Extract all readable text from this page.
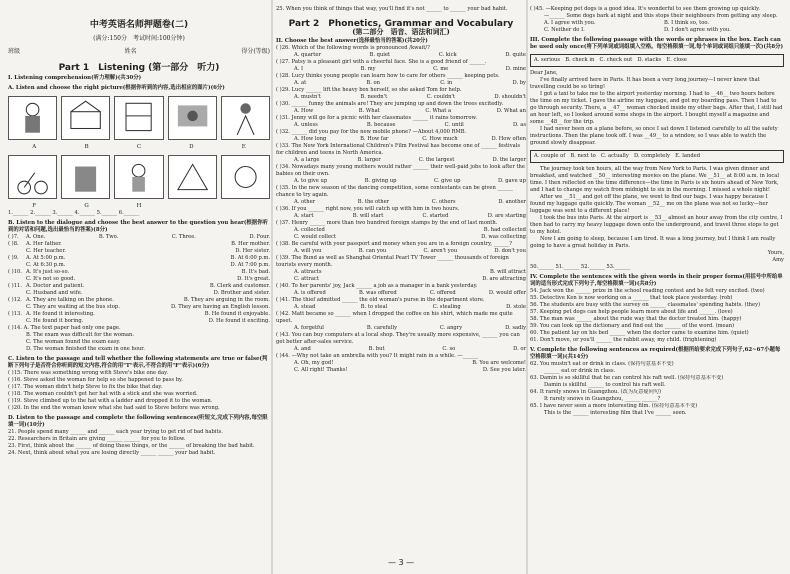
中考英语名师押题卷(二)
(满分:150分　考试时间:100分钟)
班级	姓名	得分(等级)
Part 1　Listening (第一部分　听力)
I. Listening comprehension(听力理解)(共30分)
A. Listen and choose the right picture(根据你听到的内容,选出相应的图片)(6分)
A	B	C	D	E
F	G	H
1.______ 2.______ 3.______ 4.______ 5.______ 6.______
B. Listen to the dialogue and choose the best answer to the question you hear(根据你听到的对话和问题,选出最恰当的答案)(8分)
( )7. A. One.	B. Two.	C. Three.	D. Four.
( )8. A. Her father.	B. Her mother.
C. Her teacher.	D. Her sister.
( )9. A. At 5:00 p.m.	B. At 6:00 p.m.
C. At 6:30 p.m.	D. At 7:00 p.m.
( )10. A. It's just so-so.	B. It's bad.
C. It's not so good.	D. It's great.
( )11. A. Doctor and patient.	B. Clerk and customer.
C. Husband and wife.	D. Brother and sister.
( )12. A. They are talking on the phone.	B. They are arguing in the room.
C. They are waiting at the bus stop.	D. They are having an English lesson.
( )13. A. He found it interesting.	B. He found it enjoyable.
C. He found it boring.	D. He found it exciting.
( )14. A. The text paper had only one page.
B. The exam was difficult for the woman.
C. The woman found the exam easy.
D. The woman finished the exam in one hour.
C. Listen to the passage and tell whether the following statements are true or false(判断下列句子是否符合你听到的短文内容,符合的用"T"表示,不符合的用"F"表示)(6分)
( )15. There was something wrong with Steve's bike one day.
( )16. Steve asked the woman for help so she happened to pass by.
( )17. The woman didn't help Steve to fix the bike that day.
( )18. The woman couldn't get her hat with a stick and she was worried.
( )19. Steve climbed up to the hat with a ladder and dropped it to the woman.
( )20. In the end the woman knew what she had said to Steve before was wrong.
D. Listen to the passage and complete the following sentences(听短文,完成下列内容,每空限填一词)(10分)
21. People spend many ______ and ______ each year trying to get rid of bad habits.
22. Researchers in Britain are giving ______ ______ for you to follow.
23. First, think about the ______ of doing these things, or the ______ of breaking the bad habit.
24. Next, think about what you are losing directly ______ ______ your bad habit.
25. When you think of things that way, you'll find it's not ______ to ______ your bad habit.
Part 2　Phonetics, Grammar and Vocabulary
(第二部分　语音、语法和词汇)
II. Choose the best answer(选择最恰当的答案)(共20分)
( )26. Which of the following words is pronounced /kwait/?
A. quarter	B. quiet	C. kick	D. quite
( )27. Patsy is a pleasant girl with a cheerful face. She is a good friend of ______.
A. I	B. my	C. me	D. mine
( )28. Lucy thinks young people can learn how to care for others ______ keeping pets.
A. at	B. on	C. in	D. by
( )29. Lucy ______ lift the heavy box herself, so she asked Tom for help.
A. mustn't	B. needn't	C. couldn't	D. shouldn't
( )30. ______ funny the animals are! They are jumping up and down the trees excitedly.
A. How	B. What	C. What a	D. What an
( )31. Jenny will go for a picnic with her classmates ______ it rains tomorrow.
A. unless	B. because	C. until	D. as
( )32. ______ did you pay for the new mobile phone? —About 4,000 RMB.
A. How long	B. How far	C. How much	D. How often
( )33. The New York International Children's Film Festival has become one of ______ festivals for children and teens in North America.
A. a large	B. larger	C. the largest	D. the larger
( )34. Nowadays many young mothers would rather ______ their well-paid jobs to look after the babies on their own.
A. to give up	B. giving up	C. give up	D. gave up
( )35. In the new season of the dancing competition, some contestants can be given ______ chance to try again.
A. other	B. the other	C. others	D. another
( )36. If you ______ right now, you will catch up with him in two hours.
A. start	B. will start	C. started	D. are starting
( )37. Henry ______ more than two hundred foreign stamps by the end of last month.
A. collected	B. had collected
C. would collect	D. was collecting
( )38. Be careful with your passport and money when you are in a foreign country, ______?
A. will you	B. can you	C. aren't you	D. don't you
( )39. The Bund as well as Shanghai Oriental Pearl TV Tower ______ thousands of foreign tourists every month.
A. attracts	B. will attract
C. attract	D. are attracting
( )40. To her parents' joy, Jack ______ a job as a manager in a bank yesterday.
A. is offered	B. was offered	C. offered	D. would offer
( )41. The thief admitted ______ the old woman's purse in the department store.
A. stead	B. to steal	C. stealing	D. stole
( )42. Matt became so ______ when I dropped the coffee on his shirt, which made me quite upset.
A. forgetful	B. carefully	C. angry	D. sadly
( )43. You can buy computers at a local shop. They're usually more expensive, ______ you can get better after-sales service.
A. and	B. but	C. so	D. or
( )44. —Why not take an umbrella with you? It might rain in a while. —______
A. Oh, my god!	B. You are welcome!
C. All right! Thanks!	D. See you later.
( )45. —Keeping pet dogs is a good idea. It's wonderful to see them growing up quickly.
—______ Some dogs bark at night and this stops their neighbours from getting any sleep.
A. I agree with you.	B. I think so, too.
C. Neither do I.	D. I don't agree with you.
III. Complete the following passage with the words or phrases in the box. Each can be used only once(将下列单词或词组填入空格。每空格限填一词,每个单词或词组只能填一次)(共8分)
A. serious　B. check in　C. check out　D. stacks　E. close
Dear Jane,
I've finally arrived here in Paris. It has been a very long journey—I never knew that travelling could be so tiring!
I got a taxi to take me to the airport yesterday morning. I had to __46__ two hours before the time on my ticket. I gave the airline my luggage, and got my boarding pass. Then I had to go through security. There, a __47__ woman checked inside my other bags. After that, I still had an hour left, so I looked around some shops in the airport. I bought myself a magazine and some __48__ for the trip.
I had never been on a plane before, so once I sat down I listened carefully to all the safety instructions. Then the plane took off. I was __49__ to a window, so I was able to watch the ground slowly disappear.
A. couple of　B. next to　C. actually　D. completely　E. landed
The journey took ten hours, all the way from New York to Paris. I was given dinner and breakfast, and watched __50__ interesting movies on the plane. We __51__ at 8:00 a.m. in local time. I then reflected on the time difference—the time in Paris is six hours ahead of New York, and I had to change my watch from midnight to six in the morning. I missed a whole night!
After we __51__ and got off the plane, we went to find our bags. I was happy because I found my luggage quite quickly. The woman __52__ me on the plane was not so lucky—her luggage was sent to a different place!
I took the bus into Paris. At the airport is __53__ almost an hour away from the city centre, I then had to carry my heavy luggage down onto the underground, and travel three stops to get to my hotel.
Now I am going to sleep, because I am tired. It was a long journey, but I think I am really going to have a great holiday in Paris.
Yours,
Amy
50.______ 51.______ 52.______ 53.______
IV. Complete the sentences with the given words in their proper forms(用括号中所给单词的适当形式完成下列句子,每空格限填一词)(共8分)
54. Jack won the ______ prize in the school reading contest and he felt very excited. (two)
55. Detective Ken is now working on a ______ that took place yesterday. (rob)
56. The students are busy with the survey on ______ classmates' spending habits. (they)
57. Keeping pet dogs can help people learn more about life and ______. (love)
58. The man was ______ about the rude way that the doctor treated him. (happy)
59. You can look up the dictionary and find out the ______ of the word. (mean)
60. The patient lay on his bed ______ when the doctor came to examine him. (quiet)
61. Don't move, or you'll ______ the rabbit away, my child. (frightening)
V. Complete the following sentences as required(根据所给要求完成下列句子,62~67小题每空格限填一词)(共14分)
62. You mustn't eat or drink in class. (保持句意基本不变)
______ eat or drink in class.
63. Damin is so skillful that he can control his raft well. (保持句意基本不变)
Damin is skillful ______ to control his raft well.
64. It rarely snows in Guangzhou. (改为反意疑问句)
It rarely snows in Guangzhou, ______ ______?
65. I have never seen a more interesting film. (保持句意基本不变)
This is the ______ interesting film that I've ______ seen.
— 3 —
